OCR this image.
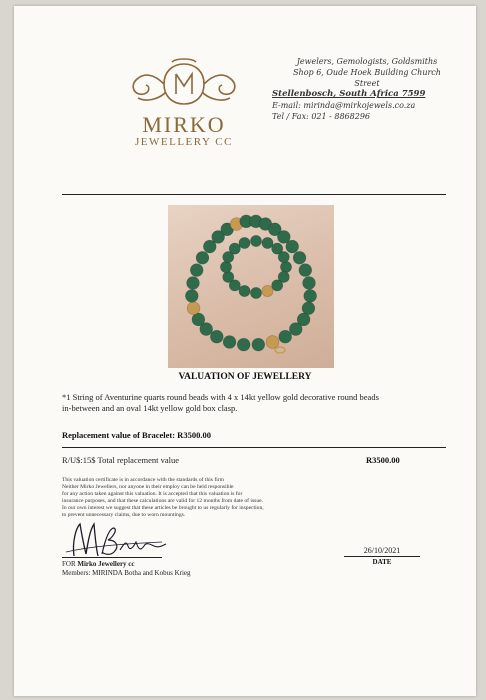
MIRKO
JEWELLERY CC
Jewelers, Gemologists, Goldsmiths
Shop 6, Oude Hoek Building Church
Street
Stellenbosch, South Africa 7599
E-mail: mirinda@mirkojewels.co.za
Tel / Fax: 021 - 8868296
VALUATION OF JEWELLERY
*1 String of Aventurine quarts round beads with 4 x 14kt yellow gold decorative round beads
in-between and an oval 14kt yellow gold box clasp.
Replacement value of Bracelet: R3500.00
R/U$:15$ Total replacement value	R3500.00
This valuation certificate is in accordance with the standards of this firm
Neither Mirko Jewellers, nor anyone in their employ can be held responsible
for any action taken against this valuation. It is accepted that this valuation is for
insurance purposes, and that these calculations are valid for 12 months from date of issue.
In our own interest we suggest that these articles be brought to us regularly for inspection,
to prevent unnecessary claims, due to worn mountings.
FOR Mirko Jewellery cc
Members: MIRINDA Botha and Kobus Krieg
26/10/2021
DATE
